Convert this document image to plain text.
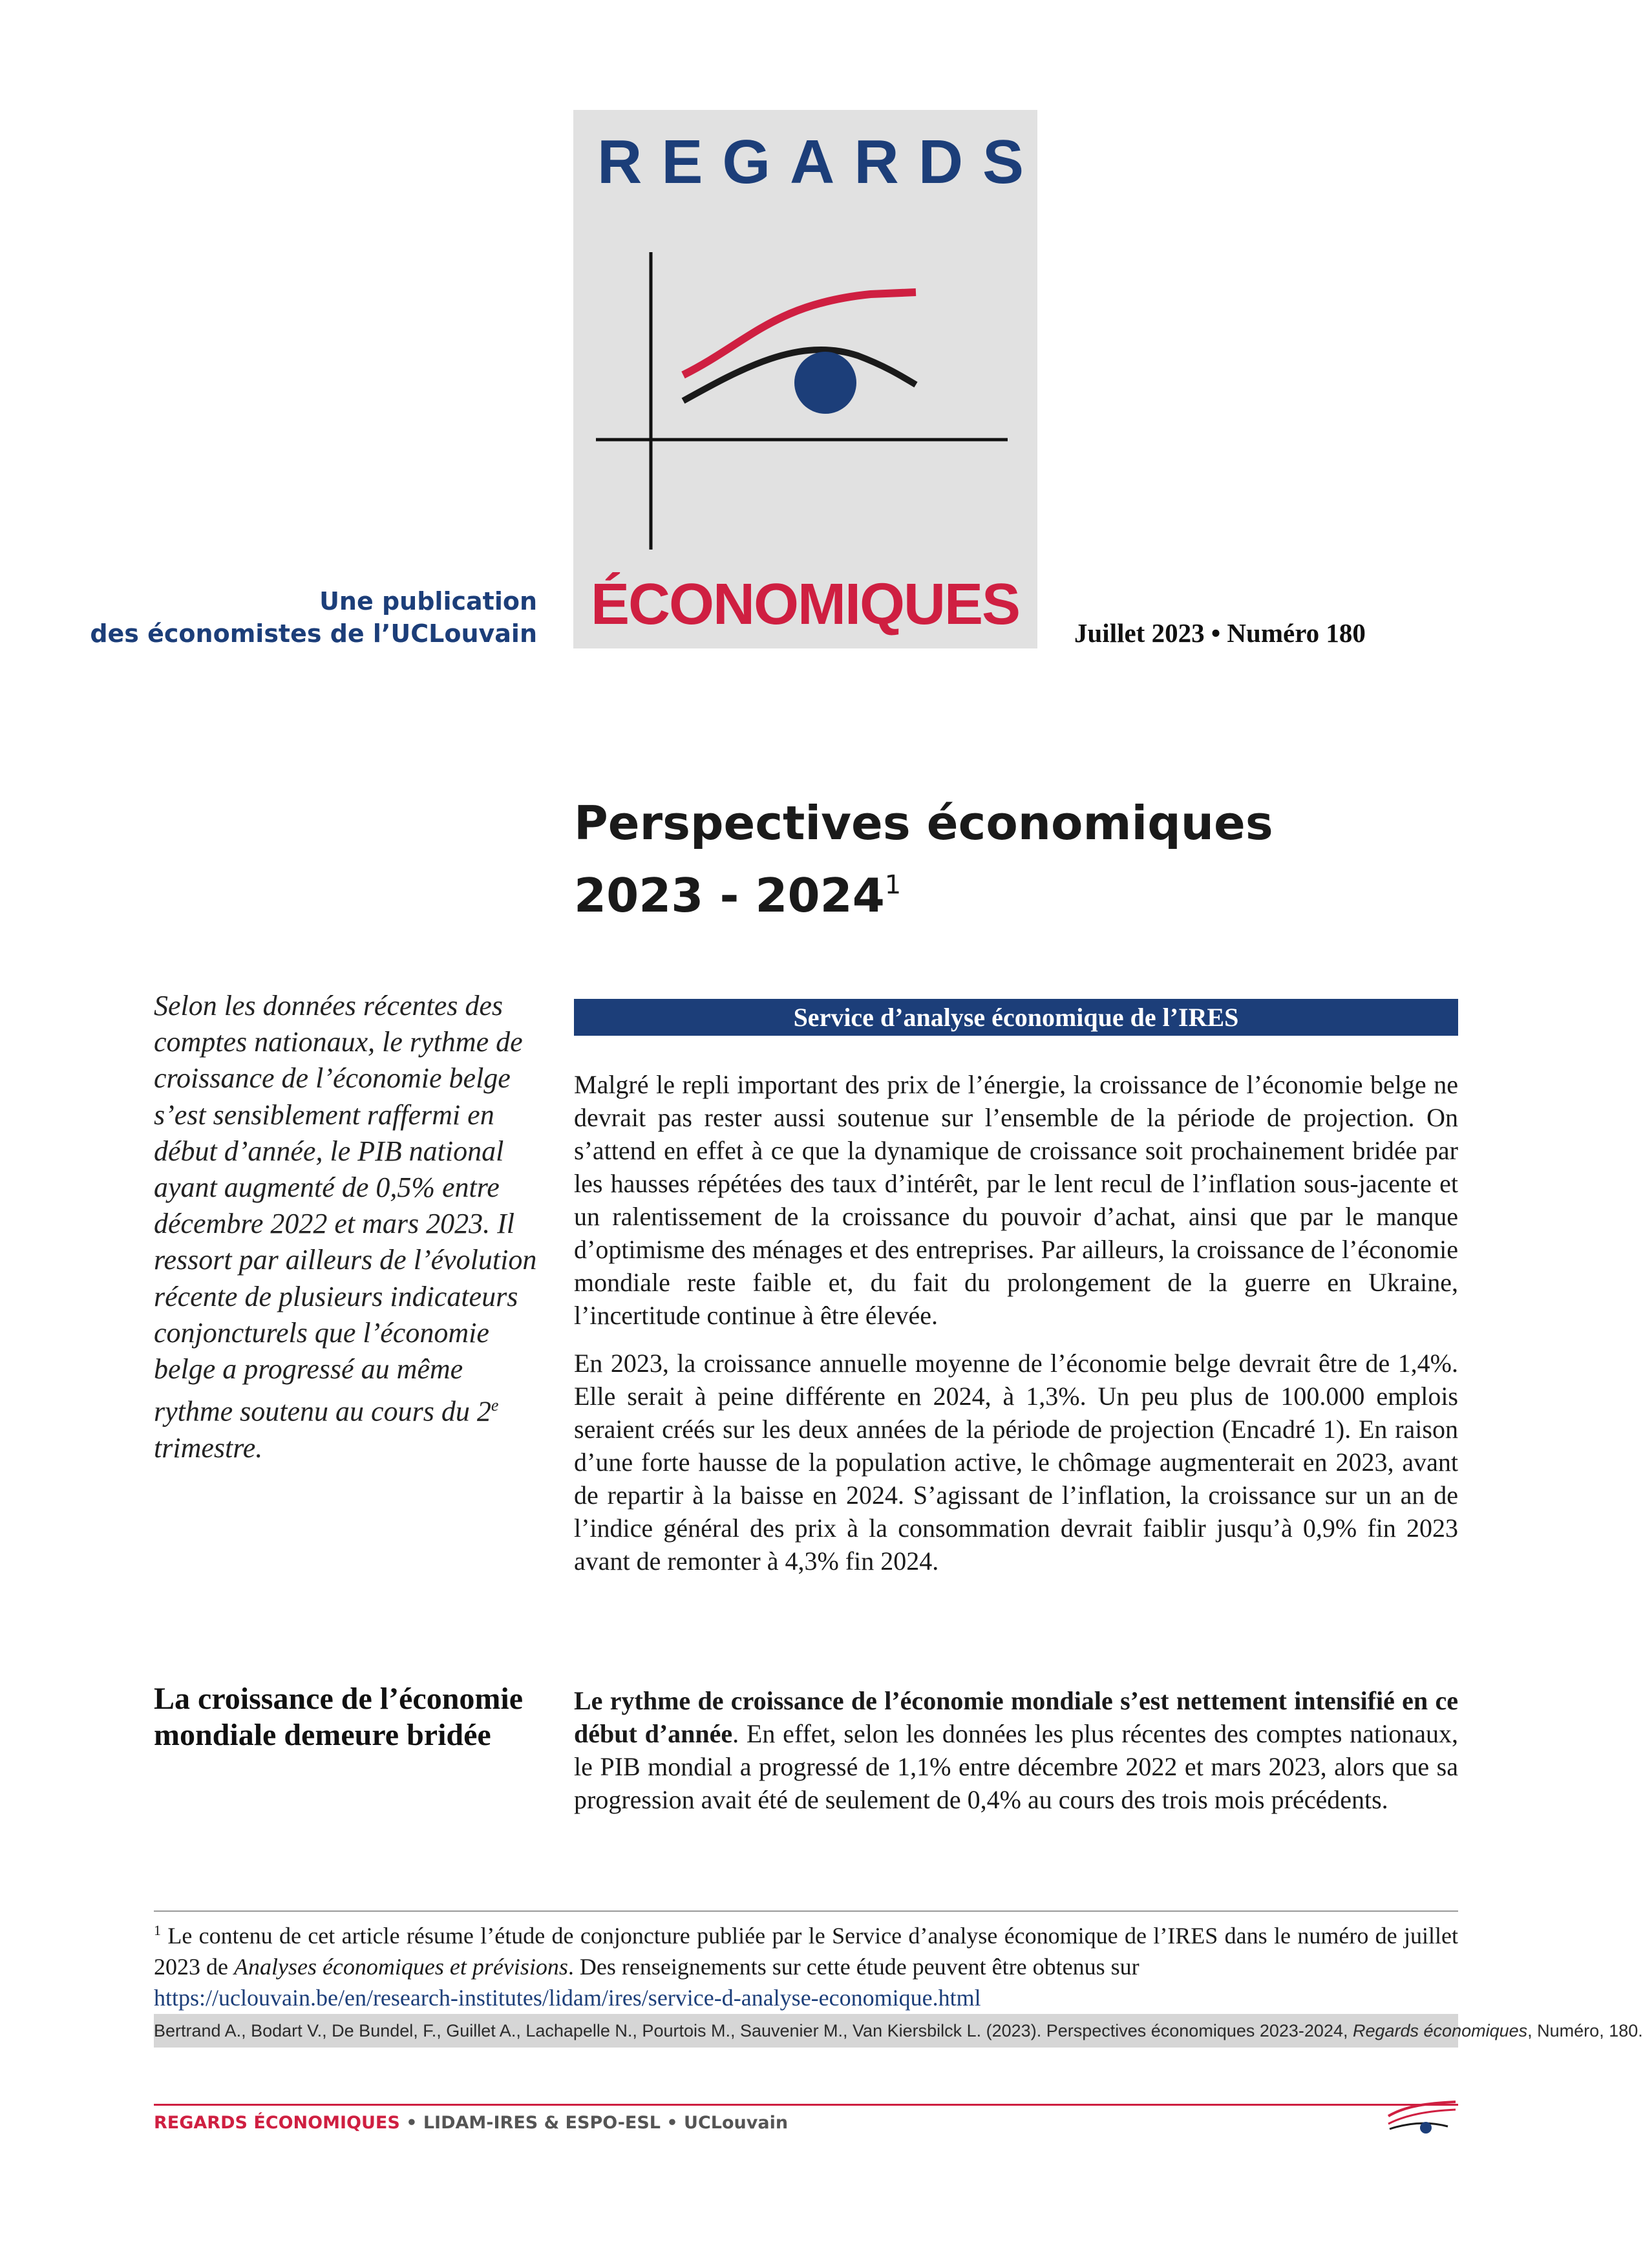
REGARDS
ÉCONOMIQUES
Une publication
des économistes de l’UCLouvain	Juillet 2023 • Numéro 180
Perspectives économiques
2023 - 2024$^1$
Selon les données récentes des comptes nationaux, le rythme de croissance de l’économie belge s’est sensiblement raffermi en début d’année, le PIB national ayant augmenté de 0,5% entre décembre 2022 et mars 2023. Il ressort par ailleurs de l’évolution récente de plusieurs indicateurs conjoncturels que l’économie belge a progressé au même rythme soutenu au cours du 2e trimestre.
Service d’analyse économique de l’IRES

Malgré le repli important des prix de l’énergie, la croissance de l’économie belge ne devrait pas rester aussi soutenue sur l’ensemble de la période de projection. On s’attend en effet à ce que la dynamique de croissance soit prochainement bridée par les hausses répétées des taux d’intérêt, par le lent recul de l’inflation sous-jacente et un ralentissement de la croissance du pouvoir d’achat, ainsi que par le manque d’optimisme des ménages et des entreprises. Par ailleurs, la croissance de l’économie mondiale reste faible et, du fait du prolongement de la guerre en Ukraine, l’incertitude continue à être élevée.

En 2023, la croissance annuelle moyenne de l’économie belge devrait être de 1,4%. Elle serait à peine différente en 2024, à 1,3%. Un peu plus de 100.000 emplois seraient créés sur les deux années de la période de projection (Encadré 1). En raison d’une forte hausse de la population active, le chômage augmenterait en 2023, avant de repartir à la baisse en 2024. S’agissant de l’inflation, la croissance sur un an de l’indice général des prix à la consommation devrait faiblir jusqu’à 0,9% fin 2023 avant de remonter à 4,3% fin 2024.

La croissance de l’économie mondiale demeure bridée

Le rythme de croissance de l’économie mondiale s’est nettement intensifié en ce début d’année. En effet, selon les données les plus récentes des comptes nationaux, le PIB mondial a progressé de 1,1% entre décembre 2022 et mars 2023, alors que sa progression avait été de seulement de 0,4% au cours des trois mois précédents.

$^1$ Le contenu de cet article résume l’étude de conjoncture publiée par le Service d’analyse économique de l’IRES dans le numéro de juillet 2023 de Analyses économiques et prévisions. Des renseignements sur cette étude peuvent être obtenus sur
https://uclouvain.be/en/research-institutes/lidam/ires/service-d-analyse-economique.html
Bertrand A., Bodart V., De Bundel, F., Guillet A., Lachapelle N., Pourtois M., Sauvenier M., Van Kiersbilck L. (2023). Perspectives économiques 2023-2024, Regards économiques, Numéro, 180.
REGARDS ÉCONOMIQUES • LIDAM-IRES & ESPO-ESL • UCLouvain
